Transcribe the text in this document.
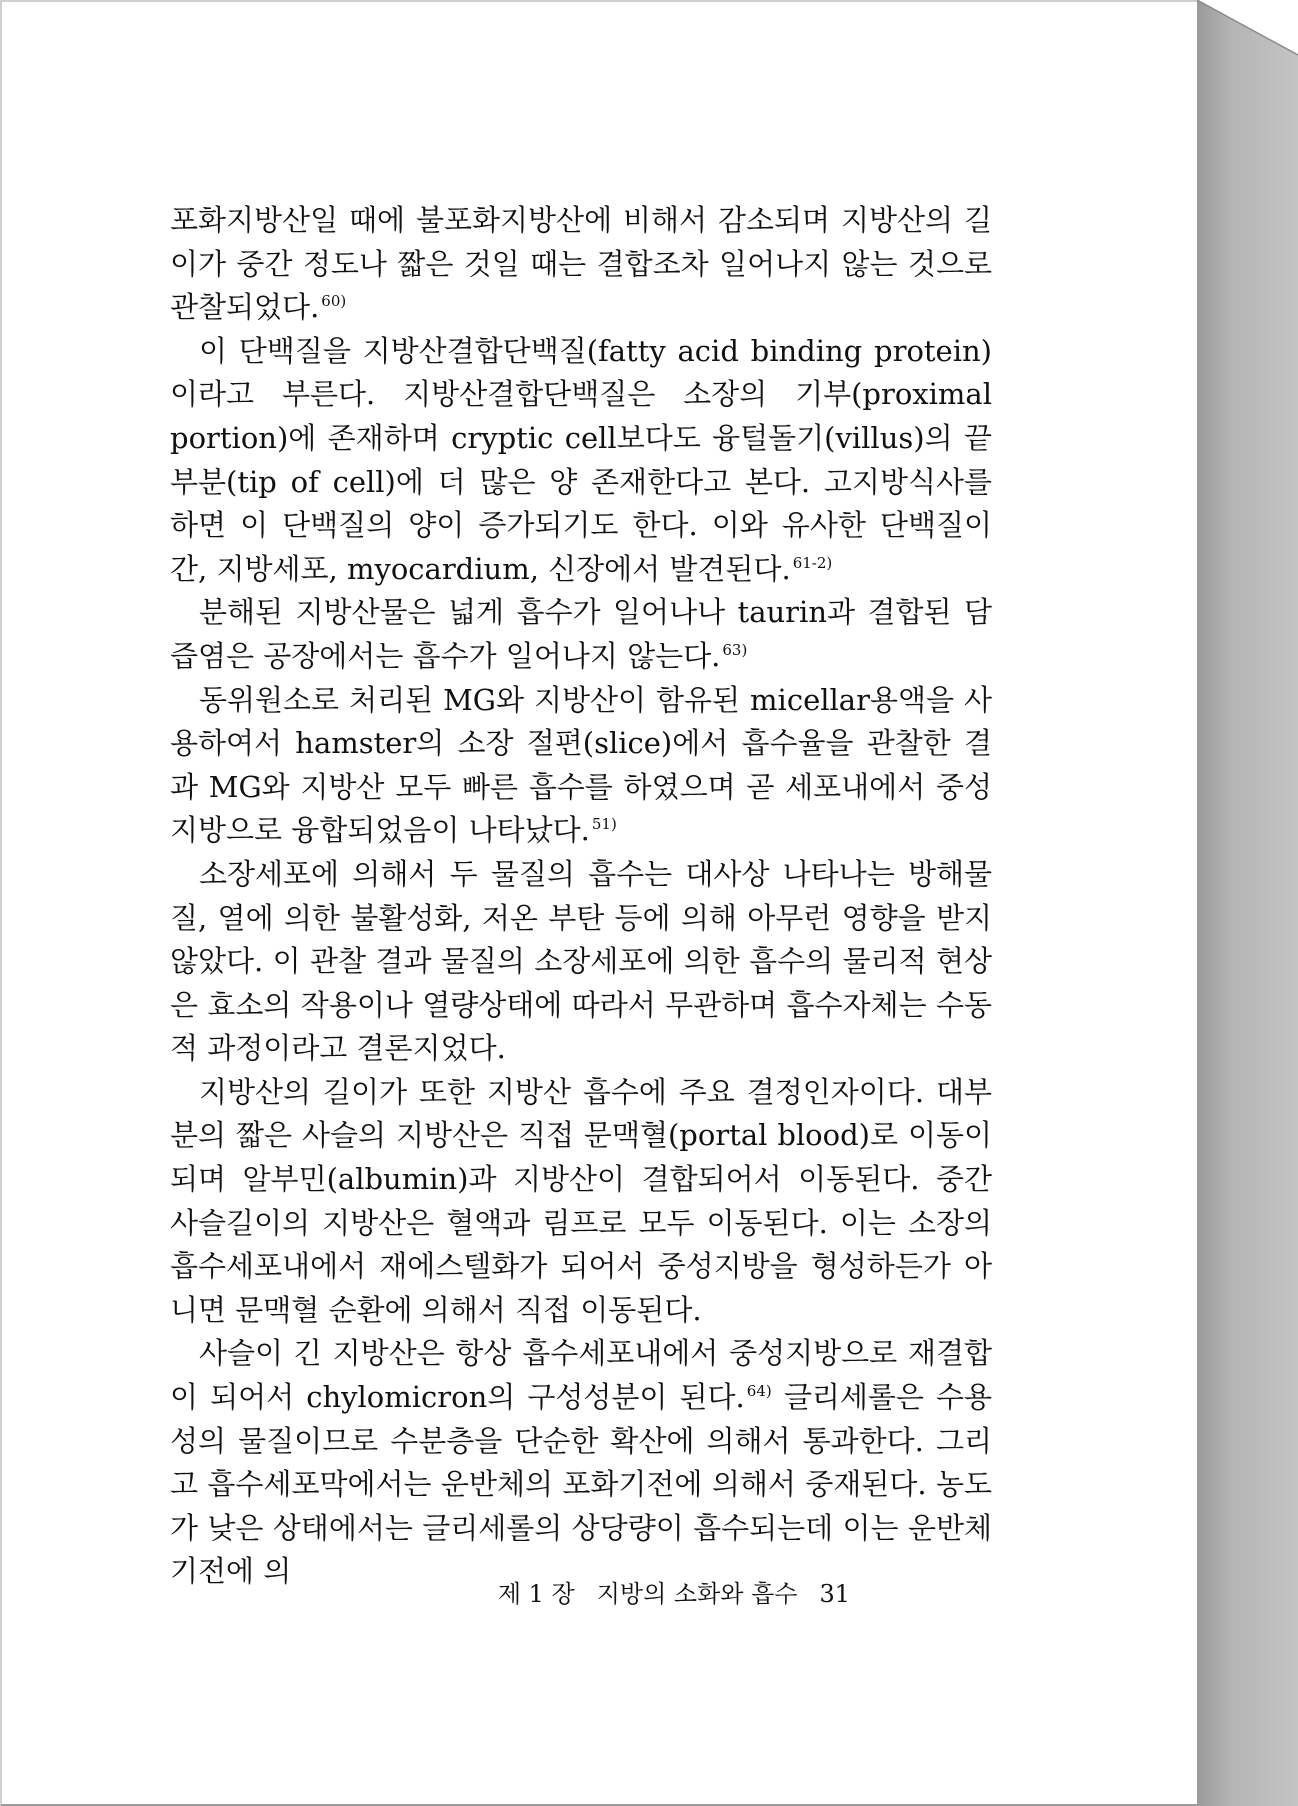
포화지방산일 때에 불포화지방산에 비해서 감소되며 지방산의 길이가 중간 정도나 짧은 것일 때는 결합조차 일어나지 않는 것으로 관찰되었다. $^{60)}$

이 단백질을 지방산결합단백질(fatty acid binding protein)이라고 부른다. 지방산결합단백질은 소장의 기부(proximal portion)에 존재하며 cryptic cell보다도 융털돌기(villus)의 끝부분(tip of cell)에 더 많은 양 존재한다고 본다. 고지방식사를 하면 이 단백질의 양이 증가되기도 한다. 이와 유사한 단백질이 간, 지방세포, myocardium, 신장에서 발견된다. $^{61-2)}$

분해된 지방산물은 넓게 흡수가 일어나나 taurin과 결합된 담즙염은 공장에서는 흡수가 일어나지 않는다. $^{63)}$

동위원소로 처리된 MG와 지방산이 함유된 micellar용액을 사용하여서 hamster의 소장 절편(slice)에서 흡수율을 관찰한 결과 MG와 지방산 모두 빠른 흡수를 하였으며 곧 세포내에서 중성지방으로 융합되었음이 나타났다. $^{51)}$

소장세포에 의해서 두 물질의 흡수는 대사상 나타나는 방해물질, 열에 의한 불활성화, 저온 부탄 등에 의해 아무런 영향을 받지 않았다. 이 관찰 결과 물질의 소장세포에 의한 흡수의 물리적 현상은 효소의 작용이나 열량상태에 따라서 무관하며 흡수자체는 수동적 과정이라고 결론지었다.

지방산의 길이가 또한 지방산 흡수에 주요 결정인자이다. 대부분의 짧은 사슬의 지방산은 직접 문맥혈(portal blood)로 이동이 되며 알부민(albumin)과 지방산이 결합되어서 이동된다. 중간 사슬길이의 지방산은 혈액과 림프로 모두 이동된다. 이는 소장의 흡수세포내에서 재에스텔화가 되어서 중성지방을 형성하든가 아니면 문맥혈 순환에 의해서 직접 이동된다.

사슬이 긴 지방산은 항상 흡수세포내에서 중성지방으로 재결합이 되어서 chylomicron의 구성성분이 된다. $^{64)}$ 글리세롤은 수용성의 물질이므로 수분층을 단순한 확산에 의해서 통과한다. 그리고 흡수세포막에서는 운반체의 포화기전에 의해서 중재된다. 농도가 낮은 상태에서는 글리세롤의 상당량이 흡수되는데 이는 운반체기전에 의

제 1 장 지방의 소화와 흡수 31
